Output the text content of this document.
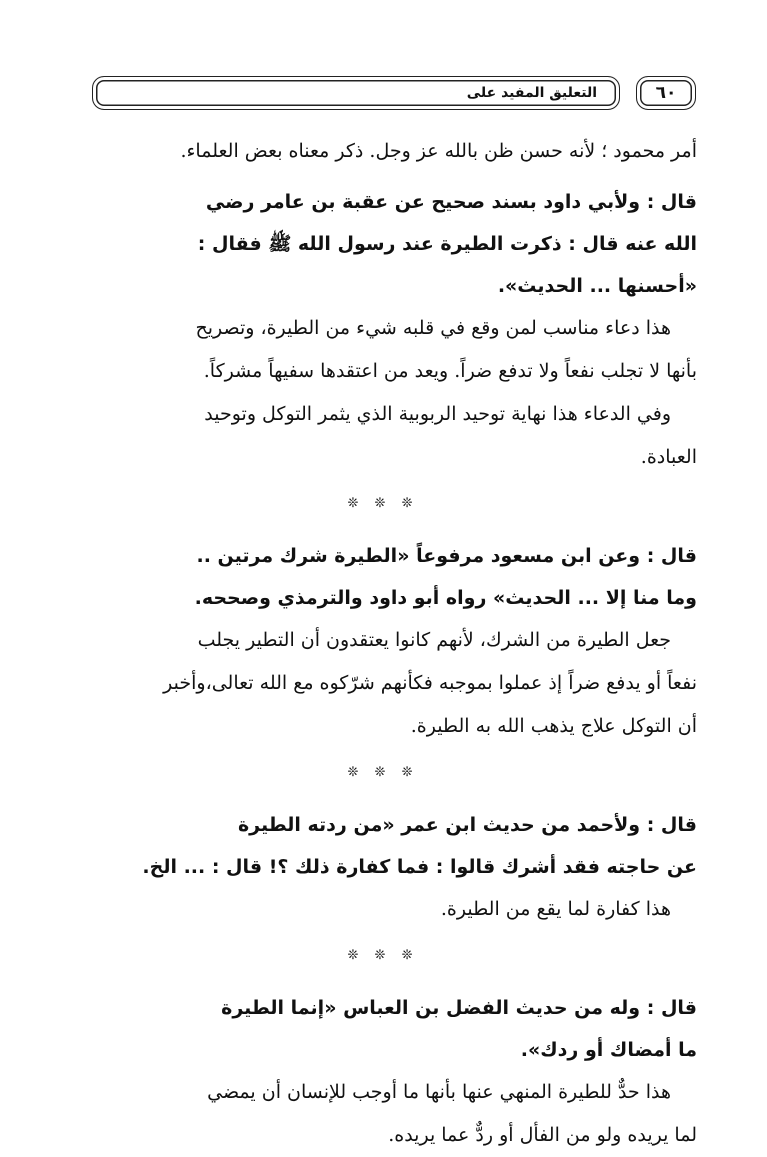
التعليق المفيد على	٦٠

أمر محمود ؛ لأنه حسن ظن بالله عز وجل. ذكر معناه بعض العلماء.

قال : ولأبي داود بسند صحيح عن عقبة بن عامر رضي
الله عنه قال : ذكرت الطيرة عند رسول الله ﷺ فقال :
«أحسنها ... الحديث».

هذا دعاء مناسب لمن وقع في قلبه شيء من الطيرة، وتصريح
بأنها لا تجلب نفعاً ولا تدفع ضراً. ويعد من اعتقدها سفيهاً مشركاً.

وفي الدعاء هذا نهاية توحيد الربوبية الذي يثمر التوكل وتوحيد
العبادة.

❊ ❊ ❊

قال : وعن ابن مسعود مرفوعاً «الطيرة شرك مرتين ..
وما منا إلا ... الحديث» رواه أبو داود والترمذي وصححه.

جعل الطيرة من الشرك، لأنهم كانوا يعتقدون أن التطير يجلب
نفعاً أو يدفع ضراً إذ عملوا بموجبه فكأنهم شرّكوه مع الله تعالى،وأخبر
أن التوكل علاج يذهب الله به الطيرة.

❊ ❊ ❊

قال : ولأحمد من حديث ابن عمر «من ردته الطيرة
عن حاجته فقد أشرك قالوا : فما كفارة ذلك ؟! قال : ... الخ.

هذا كفارة لما يقع من الطيرة.

❊ ❊ ❊

قال : وله من حديث الفضل بن العباس «إنما الطيرة
ما أمضاك أو ردك».

هذا حدٌّ للطيرة المنهي عنها بأنها ما أوجب للإنسان أن يمضي
لما يريده ولو من الفأل أو ردٌّ عما يريده.
